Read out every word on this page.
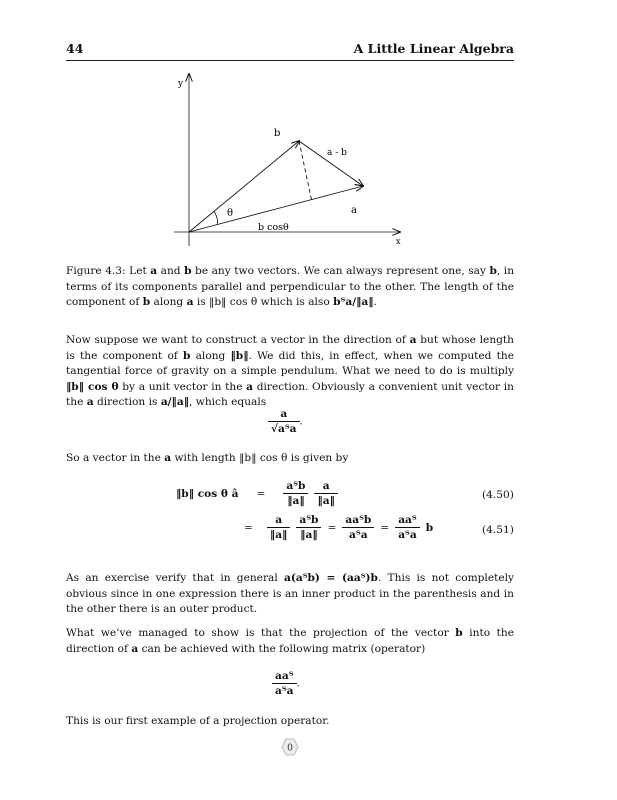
44	A Little Linear Algebra
y
x
b
a
a - b
θ
b cosθ
Figure 4.3: Let a and b be any two vectors. We can always represent one, say b, in terms of its components parallel and perpendicular to the other. The length of the component of b along a is ‖b‖ cos θ which is also bᵀa/‖a‖.
Now suppose we want to construct a vector in the direction of a but whose length is the component of b along ‖b‖. We did this, in effect, when we computed the tangential force of gravity on a simple pendulum. What we need to do is multiply ‖b‖ cos θ by a unit vector in the a direction. Obviously a convenient unit vector in the a direction is a/‖a‖, which equals
$\frac{a}{\text{√aᵀa}}$ .
So a vector in the a with length ‖b‖ cos θ is given by
‖b‖ cos θ â = $\frac{\text{aᵀb}}{‖a‖} \frac{a}{‖a‖}$	(4.50)
= $\frac{a}{‖a‖} \frac{\text{aᵀb}}{‖a‖} = \frac{\text{aaᵀb}}{\text{aᵀa}} = \frac{\text{aaᵀ}}{\text{aᵀa}}$ b	(4.51)
As an exercise verify that in general a(aᵀb) = (aaᵀ)b. This is not completely obvious since in one expression there is an inner product in the parenthesis and in the other there is an outer product.
What we’ve managed to show is that the projection of the vector b into the direction of a can be achieved with the following matrix (operator)
$\frac{\text{aaᵀ}}{\text{aᵀa}}$ .
This is our first example of a projection operator.
0
